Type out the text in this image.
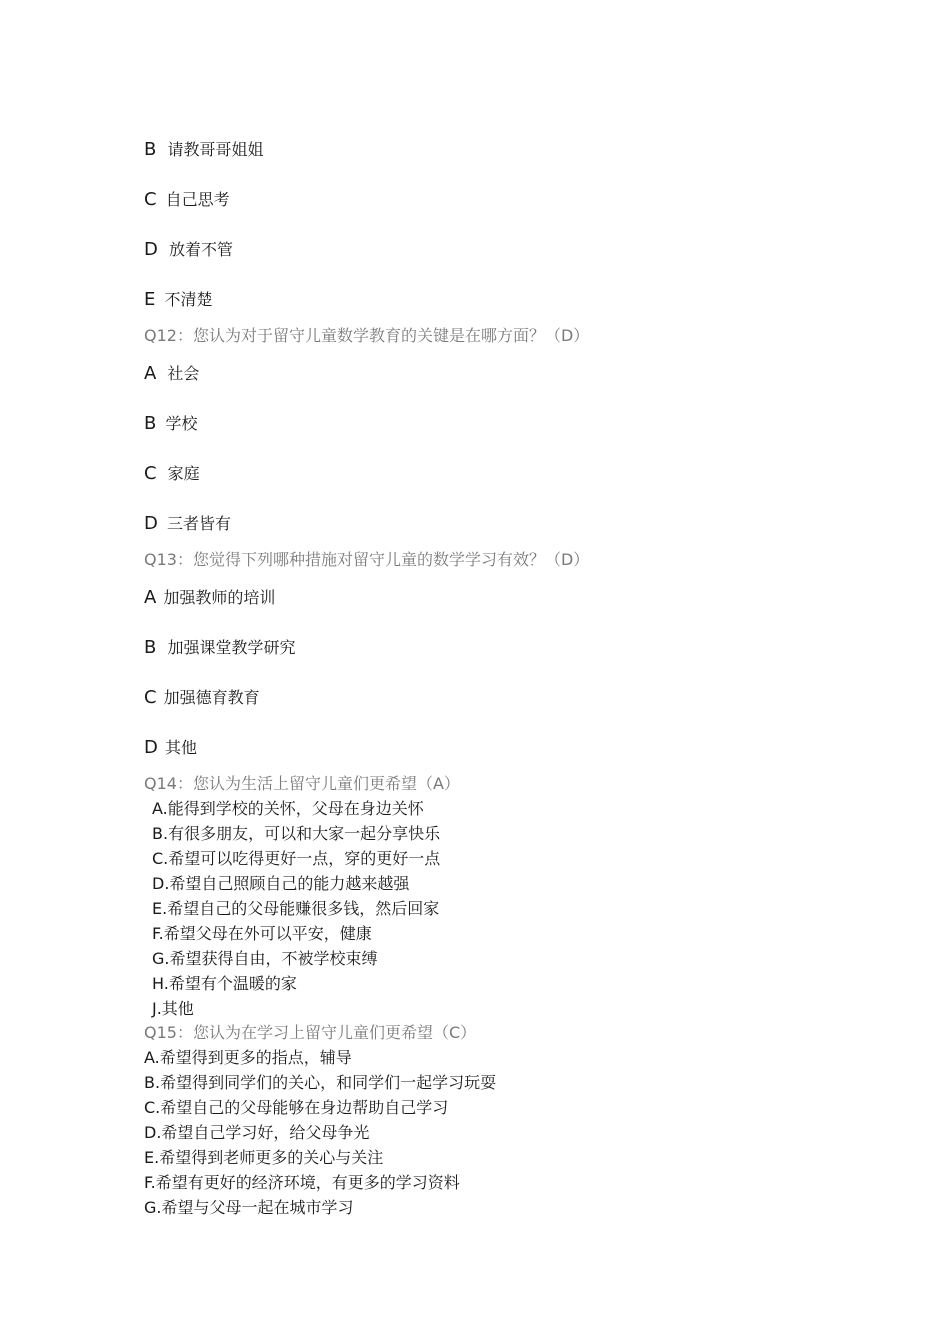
B 请教哥哥姐姐
C 自己思考
D 放着不管
E 不清楚
Q12：您认为对于留守儿童数学教育的关键是在哪方面？（D）
A 社会
B 学校
C 家庭
D 三者皆有
Q13：您觉得下列哪种措施对留守儿童的数学学习有效？（D）
A 加强教师的培训
B 加强课堂教学研究
C 加强德育教育
D 其他
Q14：您认为生活上留守儿童们更希望（A）
A.能得到学校的关怀，父母在身边关怀
B.有很多朋友，可以和大家一起分享快乐
C.希望可以吃得更好一点，穿的更好一点
D.希望自己照顾自己的能力越来越强
E.希望自己的父母能赚很多钱，然后回家
F.希望父母在外可以平安，健康
G.希望获得自由，不被学校束缚
H.希望有个温暖的家
J.其他
Q15：您认为在学习上留守儿童们更希望（C）
A.希望得到更多的指点，辅导
B.希望得到同学们的关心，和同学们一起学习玩耍
C.希望自己的父母能够在身边帮助自己学习
D.希望自己学习好，给父母争光
E.希望得到老师更多的关心与关注
F.希望有更好的经济环境，有更多的学习资料
G.希望与父母一起在城市学习
